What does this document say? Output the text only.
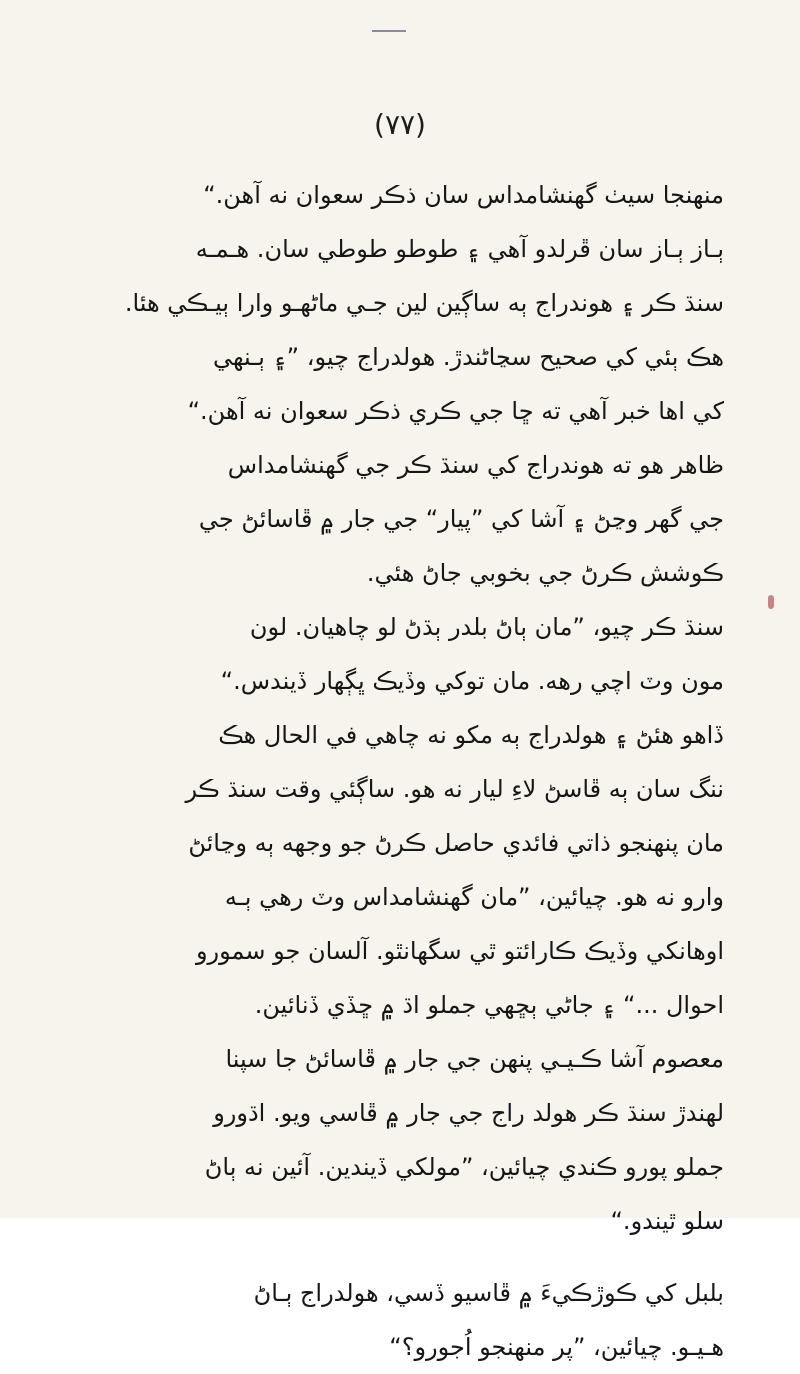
(٧٧)
منهنجا سيٺ گهنشامداس سان ذڪر سعوان نه آهن.“
ٻـاز ٻـاز سان ڦرلدو آهي ۽ طوطو طوطي سان. هـمـه
سنڌ ڪر ۽ هوندراج ٻه ساڳين لين جـي ماڻهـو وارا ٻيـڪي هئا.
هڪ ٻئي کي صحيح سڃاڻندڙ. هولدراج چيو، ”۽ ٻـنهي
کي اها خبر آهي ته ڇا جي ڪري ذڪر سعوان نه آهن.“
ظاهر هو ته هوندراج کي سنڌ ڪر جي گهنشامداس
جي گهر وڃڻ ۽ آشا کي ”پيار“ جي جار ۾ ڦاسائڻ جي
ڪوشش ڪرڻ جي بخوبي جاڻ هئي.
سنڌ ڪر چيو، ”مان ٻاڻ بلدر ٻڌڻ لو چاهيان. لون
مون وٽ اچي رهه. مان توکي وڏيڪ ڀڳهار ڏيندس.“
ڏاهو هئڻ ۽ هولدراج ٻه مکو نه چاهي في الحال هڪ
ننگ سان ٻه ڦاسڻ لاءِ ليار نه هو. ساڳئي وقت سنڌ ڪر
مان پنهنجو ذاتي فائدي حاصل ڪرڻ جو وجهه ٻه وڃائڻ
وارو نه هو. چيائين، ”مان گهنشامداس وٽ رهي ٻـه
اوهانکي وڏيڪ ڪارائتو ٿي سگهانٿو. آلسان جو سمورو
احوال ...“ ۽ جاڻي ٻڇهي جملو اڌ ۾ ڇڏي ڏنائين.
معصوم آشا ڪـيـي پنهن جي جار ۾ ڦاسائڻ جا سپنا
لهندڙ سنڌ ڪر هولد راج جي جار ۾ ڦاسي ويو. اڌورو
جملو پورو ڪندي چيائين، ”مولکي ڏيندين. آئين نه ٻاڻ
سلو ٿيندو.“
بلبل کي ڪوڙڪيءَ ۾ ڦاسيو ڏسي، هولدراج ٻـاڻ
هـيـو. چيائين، ”پر منهنجو اُجورو؟“
